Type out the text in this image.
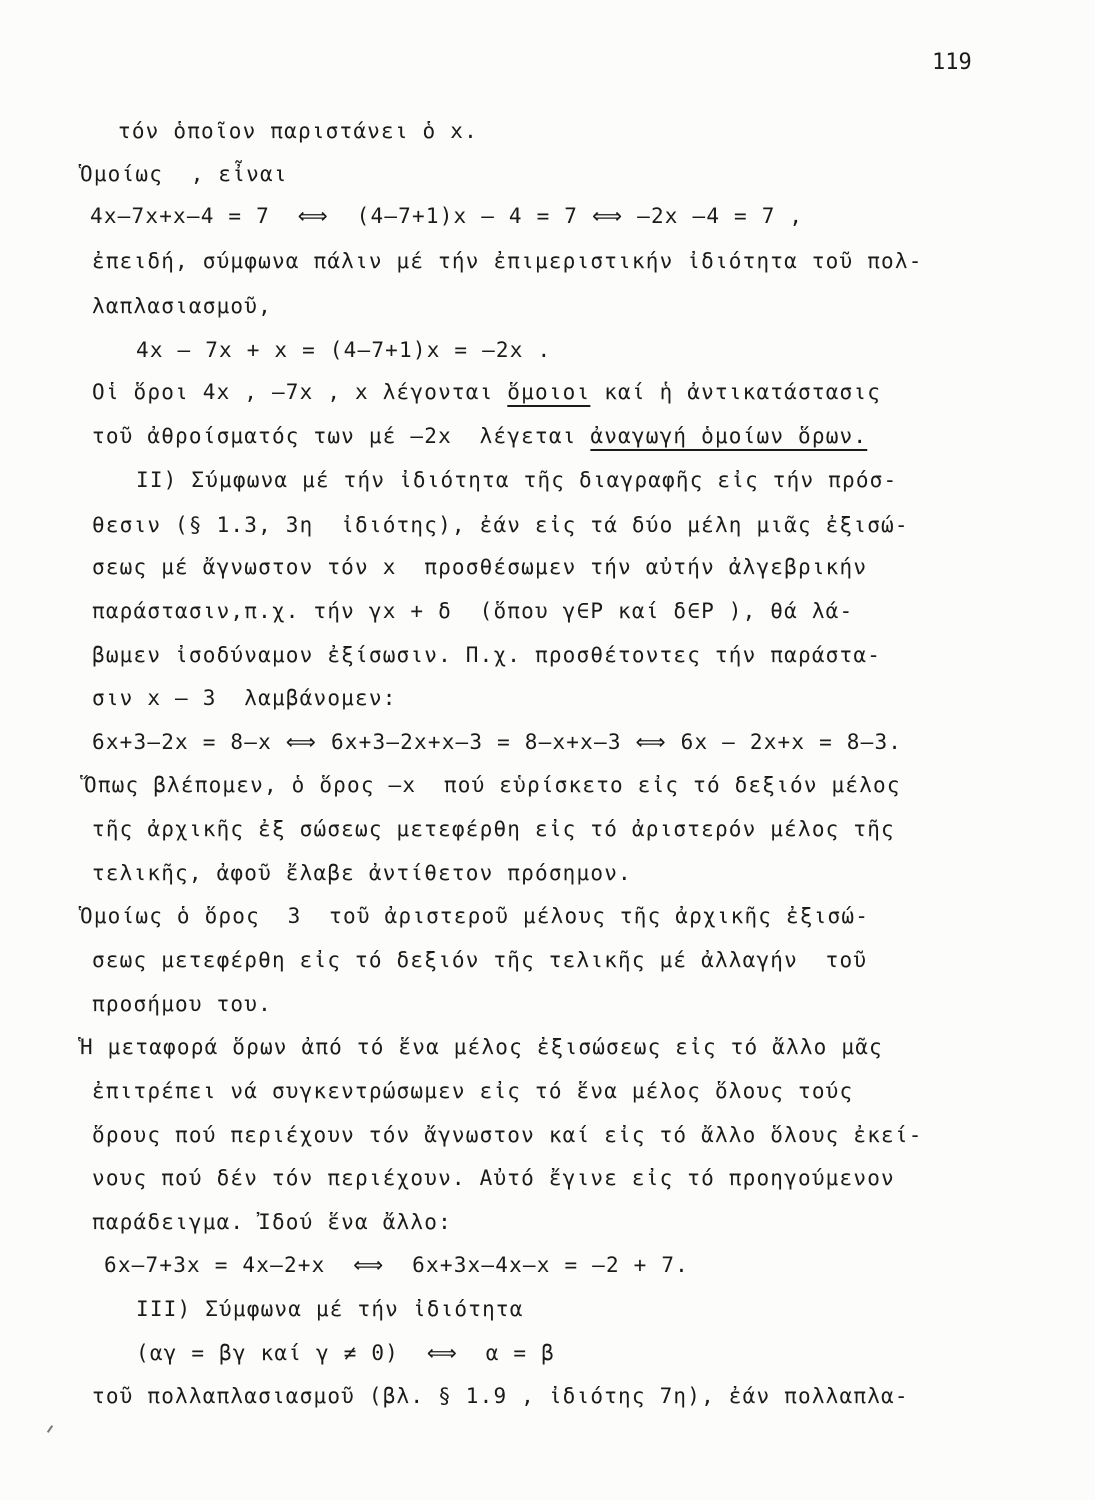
119
τόν ὁποῖον παριστάνει ὁ x.
Ὁμοίως  , εἶναι
4x–7x+x–4 = 7  ⟺  (4–7+1)x – 4 = 7 ⟺ –2x –4 = 7 ,
ἐπειδή, σύμφωνα πάλιν μέ τήν ἐπιμεριστικήν ἰδιότητα τοῦ πολ-
λαπλασιασμοῦ,
4x – 7x + x = (4–7+1)x = –2x .
Οἱ ὅροι 4x , –7x , x λέγονται ὅμοιοι καί ἡ ἀντικατάστασις
τοῦ ἀθροίσματός των μέ –2x  λέγεται ἀναγωγή ὁμοίων ὅρων.
II) Σύμφωνα μέ τήν ἰδιότητα τῆς διαγραφῆς εἰς τήν πρόσ-
θεσιν (§ 1.3, 3η  ἰδιότης), ἐάν εἰς τά δύο μέλη μιᾶς ἐξισώ-
σεως μέ ἄγνωστον τόν x  προσθέσωμεν τήν αὐτήν ἀλγεβρικήν
παράστασιν,π.χ. τήν γx + δ  (ὅπου γ∈P καί δ∈P ), θά λά-
βωμεν ἰσοδύναμον ἐξίσωσιν. Π.χ. προσθέτοντες τήν παράστα-
σιν x – 3  λαμβάνομεν:
6x+3–2x = 8–x ⟺ 6x+3–2x+x–3 = 8–x+x–3 ⟺ 6x – 2x+x = 8–3.
Ὅπως βλέπομεν, ὁ ὅρος –x  πού εὑρίσκετο εἰς τό δεξιόν μέλος
τῆς ἀρχικῆς ἐξ σώσεως μετεφέρθη εἰς τό ἀριστερόν μέλος τῆς
τελικῆς, ἀφοῦ ἔλαβε ἀντίθετον πρόσημον.
Ὁμοίως ὁ ὅρος  3  τοῦ ἀριστεροῦ μέλους τῆς ἀρχικῆς ἐξισώ-
σεως μετεφέρθη εἰς τό δεξιόν τῆς τελικῆς μέ ἀλλαγήν  τοῦ
προσήμου του.
Ἡ μεταφορά ὅρων ἀπό τό ἕνα μέλος ἐξισώσεως εἰς τό ἄλλο μᾶς
ἐπιτρέπει νά συγκεντρώσωμεν εἰς τό ἕνα μέλος ὅλους τούς
ὅρους πού περιέχουν τόν ἄγνωστον καί εἰς τό ἄλλο ὅλους ἐκεί-
νους πού δέν τόν περιέχουν. Αὐτό ἔγινε εἰς τό προηγούμενον
παράδειγμα. Ἰδού ἕνα ἄλλο:
6x–7+3x = 4x–2+x  ⟺  6x+3x–4x–x = –2 + 7.
III) Σύμφωνα μέ τήν ἰδιότητα
(αγ = βγ καί γ ≠ 0)  ⟺  α = β
τοῦ πολλαπλασιασμοῦ (βλ. § 1.9 , ἰδιότης 7η), ἐάν πολλαπλα-
